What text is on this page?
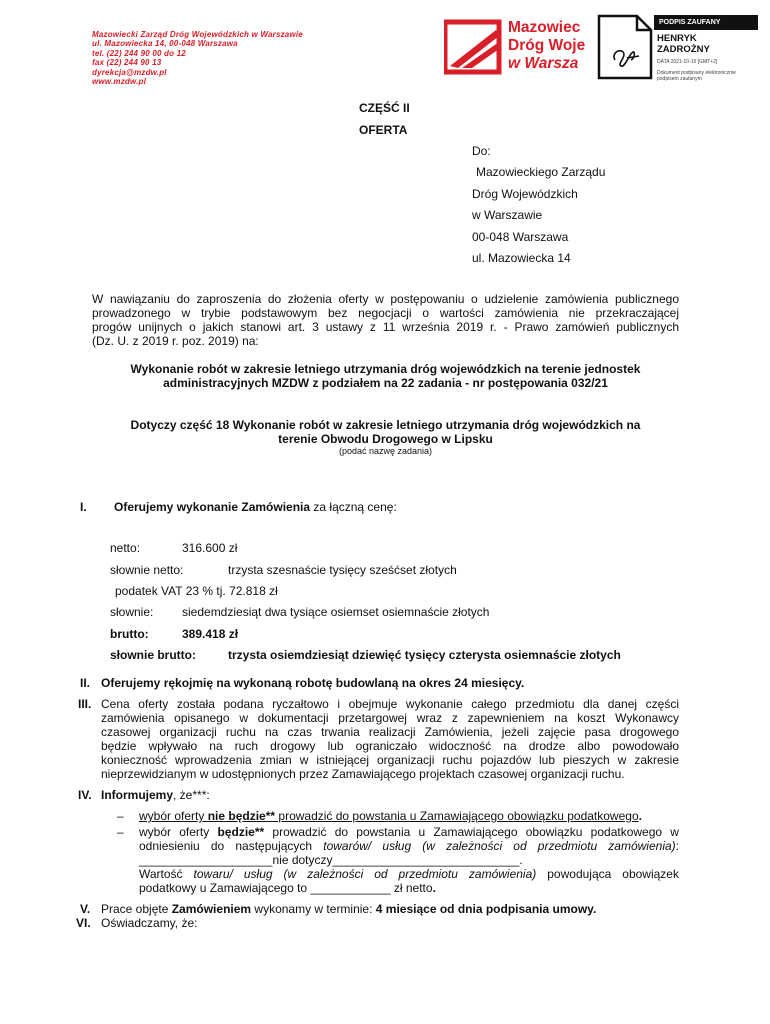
Mazowiecki Zarząd Dróg Wojewódzkich w Warszawie
ul. Mazowiecka 14, 00-048 Warszawa
tel. (22) 244 90 00 do 12
fax (22) 244 90 13
dyrekcja@mzdw.pl
www.mzdw.pl
Mazowiec
Dróg Woje
w Warsza
PODPIS ZAUFANY
HENRYK
ZADROŻNY
DATA 2021-10-15 [GMT+2]
Dokument podpisany elektronicznie podpisem zaufanym
CZĘŚĆ II
OFERTA
Do:
Mazowieckiego Zarządu
Dróg Wojewódzkich
w Warszawie
00-048 Warszawa
ul. Mazowiecka 14
W nawiązaniu do zaproszenia do złożenia oferty w postępowaniu o udzielenie zamówienia publicznego
prowadzonego w trybie podstawowym bez negocjacji o wartości zamówienia nie przekraczającej
progów unijnych o jakich stanowi art. 3 ustawy z 11 września 2019 r. - Prawo zamówień publicznych
(Dz. U. z 2019 r. poz. 2019) na:
Wykonanie robót w zakresie letniego utrzymania dróg wojewódzkich na terenie jednostek
administracyjnych MZDW z podziałem na 22 zadania - nr postępowania 032/21
Dotyczy część 18 Wykonanie robót w zakresie letniego utrzymania dróg wojewódzkich na
terenie Obwodu Drogowego w Lipsku
(podać nazwę zadania)
I. Oferujemy wykonanie Zamówienia za łączną cenę:
netto:	316.600 zł
słownie netto:	trzysta szesnaście tysięcy sześćset złotych
podatek VAT 23 % tj. 72.818 zł
słownie: siedemdziesiąt dwa tysiące osiemset osiemnaście złotych
brutto:	389.418 zł
słownie brutto:	trzysta osiemdziesiąt dziewięć tysięcy czterysta osiemnaście złotych
II. Oferujemy rękojmię na wykonaną robotę budowlaną na okres 24 miesięcy.
III. Cena oferty została podana ryczałtowo i obejmuje wykonanie całego przedmiotu dla danej części
zamówienia opisanego w dokumentacji przetargowej wraz z zapewnieniem na koszt Wykonawcy
czasowej organizacji ruchu na czas trwania realizacji Zamówienia, jeżeli zajęcie pasa drogowego
będzie wpływało na ruch drogowy lub ograniczało widoczność na drodze albo powodowało
konieczność wprowadzenia zmian w istniejącej organizacji ruchu pojazdów lub pieszych w zakresie
nieprzewidzianym w udostępnionych przez Zamawiającego projektach czasowej organizacji ruchu.
IV. Informujemy, że***:
– wybór oferty nie będzie** prowadzić do powstania u Zamawiającego obowiązku podatkowego.
– wybór oferty będzie** prowadzić do powstania u Zamawiającego obowiązku podatkowego w
odniesieniu do następujących towarów/ usług (w zależności od przedmiotu zamówienia):
____________________nie dotyczy____________________________.
Wartość towaru/ usług (w zależności od przedmiotu zamówienia) powodująca obowiązek
podatkowy u Zamawiającego to ____________ zł netto.
V. Prace objęte Zamówieniem wykonamy w terminie: 4 miesiące od dnia podpisania umowy.
VI. Oświadczamy, że:
